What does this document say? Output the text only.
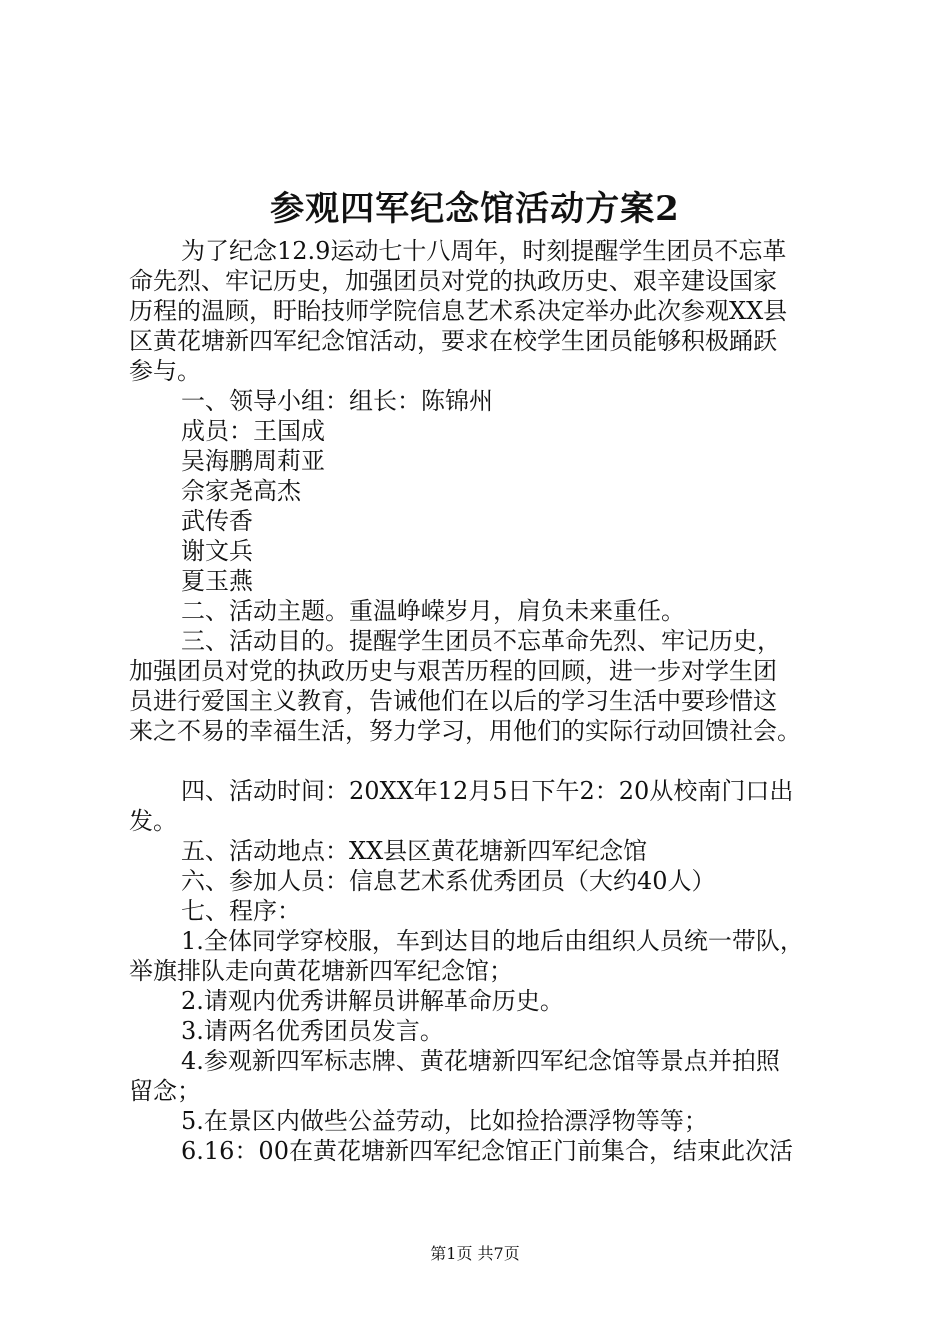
参观四军纪念馆活动方案2

为了纪念12.9运动七十八周年，时刻提醒学生团员不忘革

命先烈、牢记历史，加强团员对党的执政历史、艰辛建设国家

历程的温顾，盱眙技师学院信息艺术系决定举办此次参观XX县

区黄花塘新四军纪念馆活动，要求在校学生团员能够积极踊跃

参与。

一、领导小组：组长：陈锦州

成员：王国成

吴海鹏周莉亚

佘家尧高杰

武传香

谢文兵

夏玉燕

二、活动主题。重温峥嵘岁月，肩负未来重任。

三、活动目的。提醒学生团员不忘革命先烈、牢记历史，

加强团员对党的执政历史与艰苦历程的回顾，进一步对学生团

员进行爱国主义教育，告诫他们在以后的学习生活中要珍惜这

来之不易的幸福生活，努力学习，用他们的实际行动回馈社会。

四、活动时间：20XX年12月5日下午2：20从校南门口出

发。

五、活动地点：XX县区黄花塘新四军纪念馆

六、参加人员：信息艺术系优秀团员（大约40人）

七、程序：

1.全体同学穿校服，车到达目的地后由组织人员统一带队，

举旗排队走向黄花塘新四军纪念馆；

2.请观内优秀讲解员讲解革命历史。

3.请两名优秀团员发言。

4.参观新四军标志牌、黄花塘新四军纪念馆等景点并拍照

留念；

5.在景区内做些公益劳动，比如捡拾漂浮物等等；

6.16：00在黄花塘新四军纪念馆正门前集合，结束此次活

第1页 共7页
